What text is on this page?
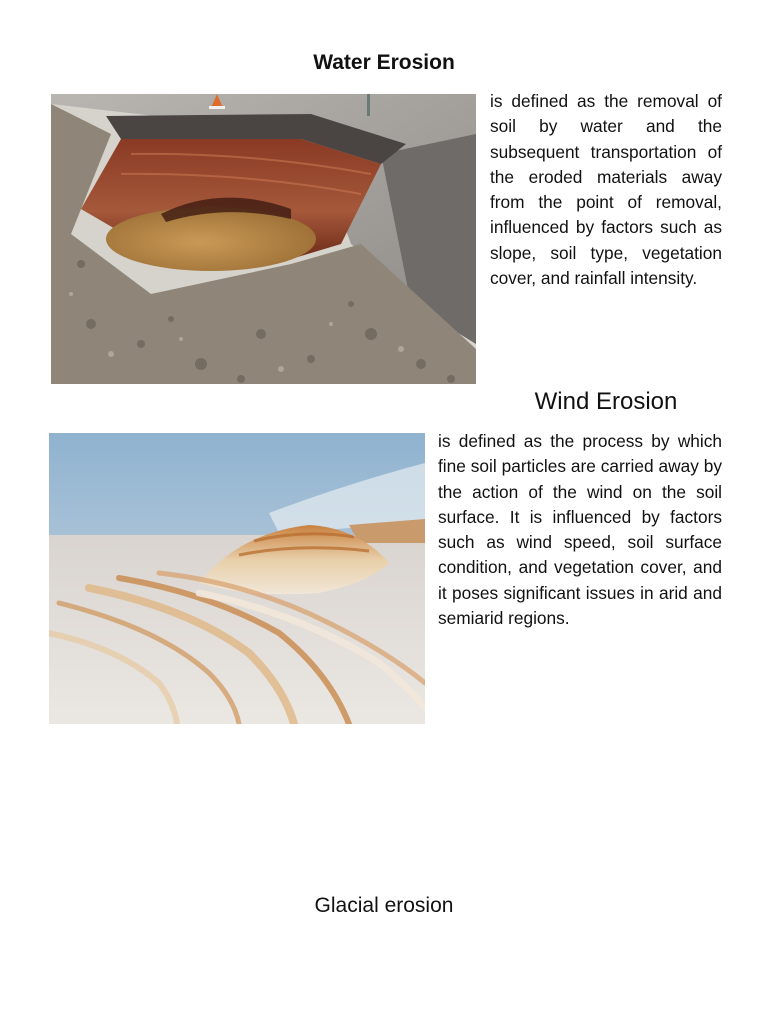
Water Erosion

is defined as the removal of soil by water and the subsequent transportation of the eroded materials away from the point of removal, influenced by factors such as slope, soil type, vegetation cover, and rainfall intensity.

Wind Erosion

is defined as the process by which fine soil particles are carried away by the action of the wind on the soil surface. It is influenced by factors such as wind speed, soil surface condition, and vegetation cover, and it poses significant issues in arid and semiarid regions.

Glacial erosion
